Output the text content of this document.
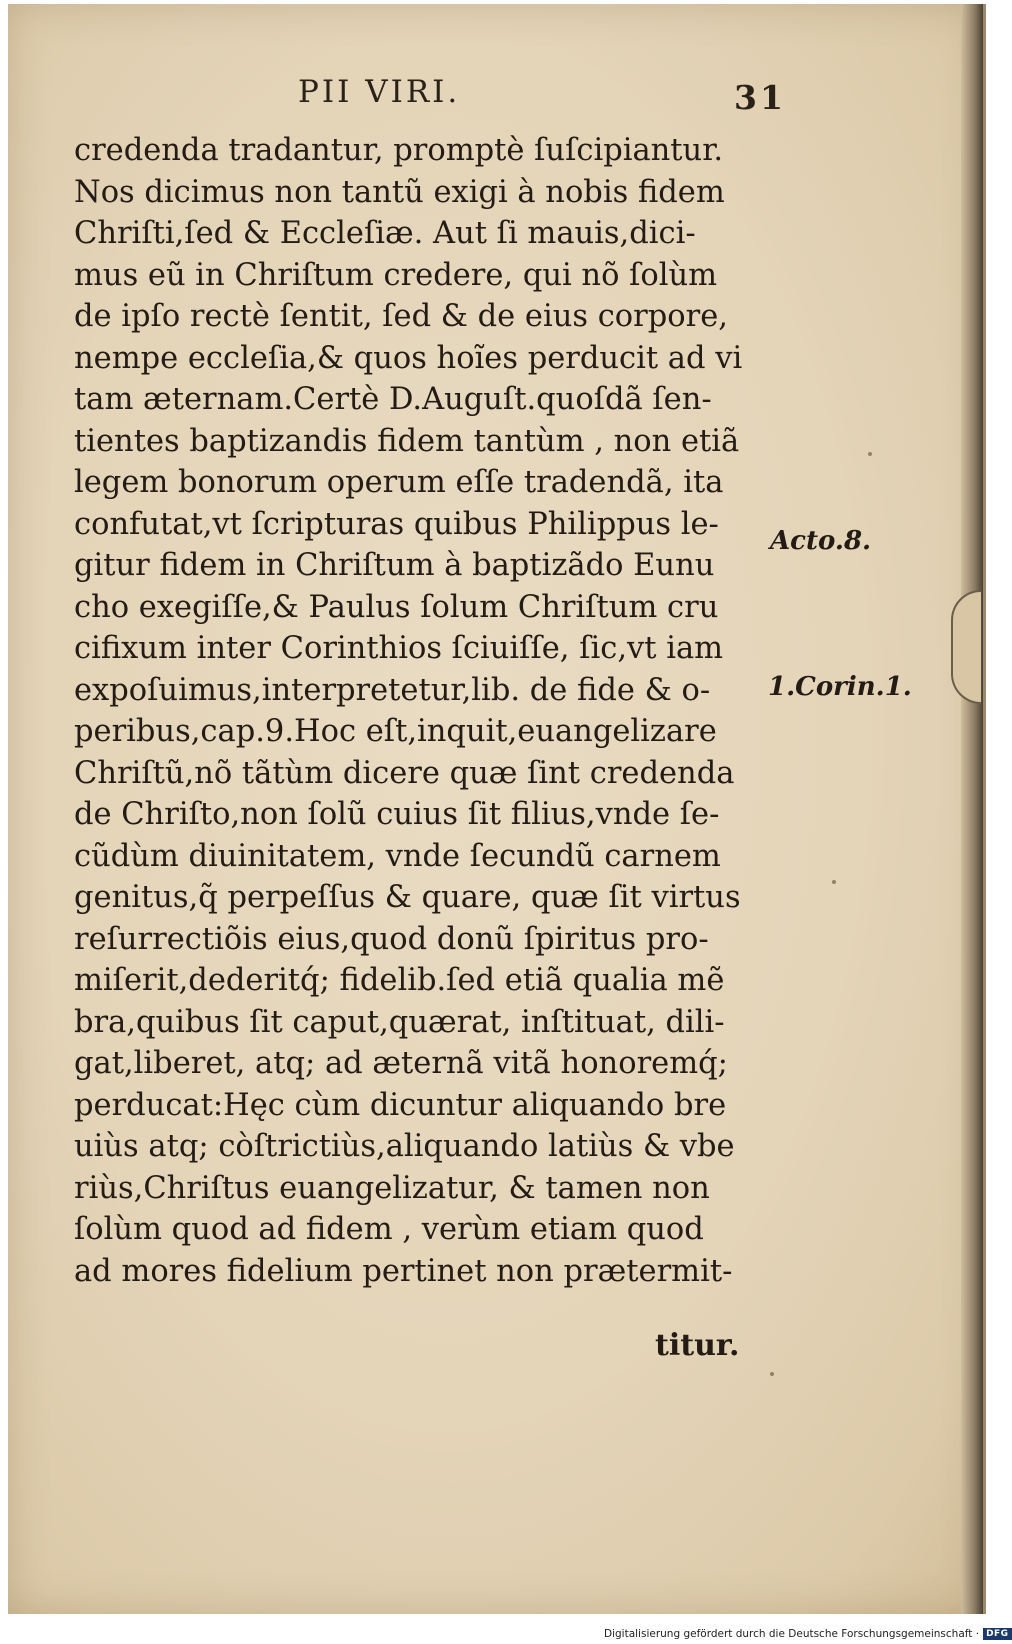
PII VIRI.	31
credenda tradantur, promptè ſuſcipiantur.
Nos dicimus non tantũ exigi à nobis fidem
Chriſti,ſed & Eccleſiæ. Aut ſi mauis,dici-
mus eũ in Chriſtum credere, qui nõ ſolùm
de ipſo rectè ſentit, ſed & de eius corpore,
nempe eccleſia,& quos hoĩes perducit ad vi
tam æternam.Certè D.Auguſt.quoſdã ſen-
tientes baptizandis fidem tantùm , non etiã
legem bonorum operum eſſe tradendã, ita
confutat,vt ſcripturas quibus Philippus le-
gitur fidem in Chriſtum à baptizãdo Eunu
cho exegiſſe,& Paulus ſolum Chriſtum cru
cifixum inter Corinthios ſciuiſſe, ſic,vt iam
expoſuimus,interpretetur,lib. de fide & o-
peribus,cap.9.Hoc eſt,inquit,euangelizare
Chriſtũ,nõ tãtùm dicere quæ ſint credenda
de Chriſto,non ſolũ cuius ſit filius,vnde ſe-
cũdùm diuinitatem, vnde ſecundũ carnem
genitus,q̃ perpeſſus & quare, quæ ſit virtus
reſurrectiõis eius,quod donũ ſpiritus pro-
miſerit,dederitq́; fidelib.ſed etiã qualia mẽ
bra,quibus ſit caput,quærat, inſtituat, dili-
gat,liberet, atq; ad æternã vitã honoremq́;
perducat:Hęc cùm dicuntur aliquando bre
uiùs atq; còſtrictiùs,aliquando latiùs & vbe
riùs,Chriſtus euangelizatur, & tamen non
ſolùm quod ad fidem , verùm etiam quod
ad mores fidelium pertinet non prætermit-
titur.
Acto.8.
1.Corin.1.
Digitalisierung gefördert durch die Deutsche Forschungsgemeinschaft · DFG
